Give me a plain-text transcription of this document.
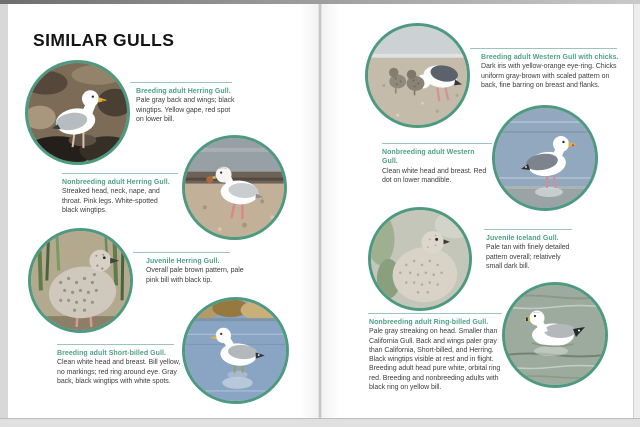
SIMILAR GULLS
Breeding adult Herring Gull.
Pale gray back and wings; black wingtips. Yellow gape, red spot on lower bill.
Nonbreeding adult Herring Gull.
Streaked head, neck, nape, and throat. Pink legs. White-spotted black wingtips.
Juvenile Herring Gull.
Overall pale brown pattern, pale pink bill with black tip.
Breeding adult Short-billed Gull.
Clean white head and breast. Bill yellow, no markings; red ring around eye. Gray back, black wingtips with white spots.
Breeding adult Western Gull with chicks.
Dark iris with yellow-orange eye-ring. Chicks uniform gray-brown with scaled pattern on back, fine barring on breast and flanks.
Nonbreeding adult Western Gull.
Clean white head and breast. Red dot on lower mandible.
Juvenile Iceland Gull.
Pale tan with finely detailed pattern overall; relatively small dark bill.
Nonbreeding adult Ring-billed Gull.
Pale gray streaking on head. Smaller than California Gull. Back and wings paler gray than California, Short-billed, and Herring. Black wingtips visible at rest and in flight. Breeding adult head pure white, orbital ring red. Breeding and nonbreeding adults with black ring on yellow bill.
